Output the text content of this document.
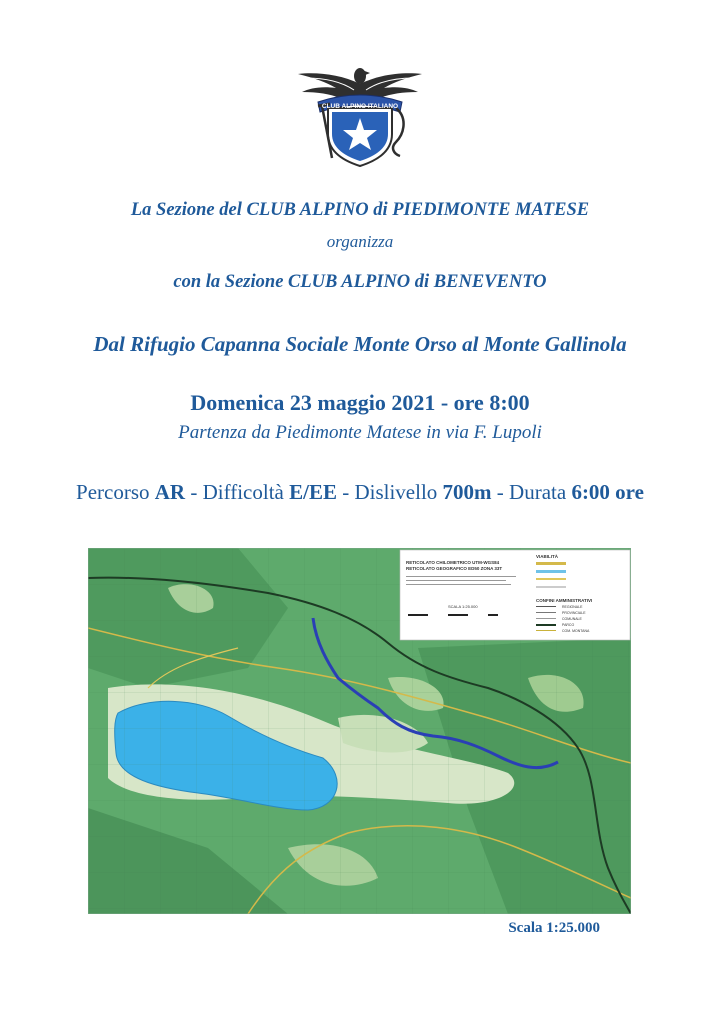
CLUB ALPINO ITALIANO
La Sezione del CLUB ALPINO di PIEDIMONTE MATESE
organizza
con la Sezione CLUB ALPINO di BENEVENTO
Dal Rifugio Capanna Sociale Monte Orso al Monte Gallinola
Domenica 23 maggio 2021 - ore 8:00
Partenza da Piedimonte Matese in via F. Lupoli
Percorso AR - Difficoltà E/EE - Dislivello 700m - Durata 6:00 ore
RETICOLATO CHILOMETRICO UTM-WGS84
RETICOLATO GEOGRAFICO ED50 ZONA 33T
SCALA 1:25.000
VIABILITÀ
CONFINI AMMINISTRATIVI
REGIONALE
PROVINCIALE
COMUNALE
PARCO
COM. MONTANA
Scala 1:25.000
